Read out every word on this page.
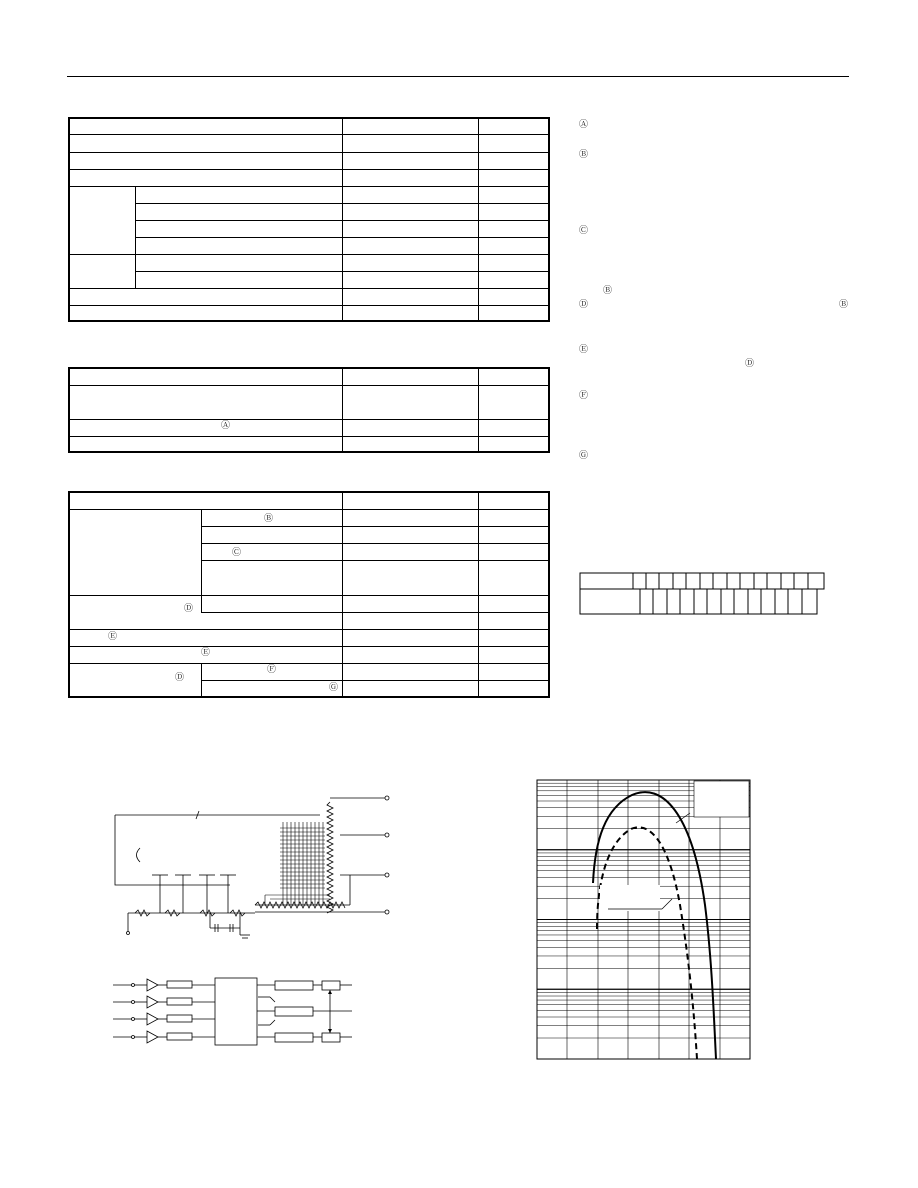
Ⓐ
Ⓑ
Ⓒ
Ⓓ
Ⓔ
Ⓔ
Ⓕ
Ⓓ
Ⓖ
Ⓐ
Ⓑ
Ⓒ
Ⓑ
Ⓓ	Ⓑ
Ⓔ
Ⓓ
Ⓕ
Ⓖ
